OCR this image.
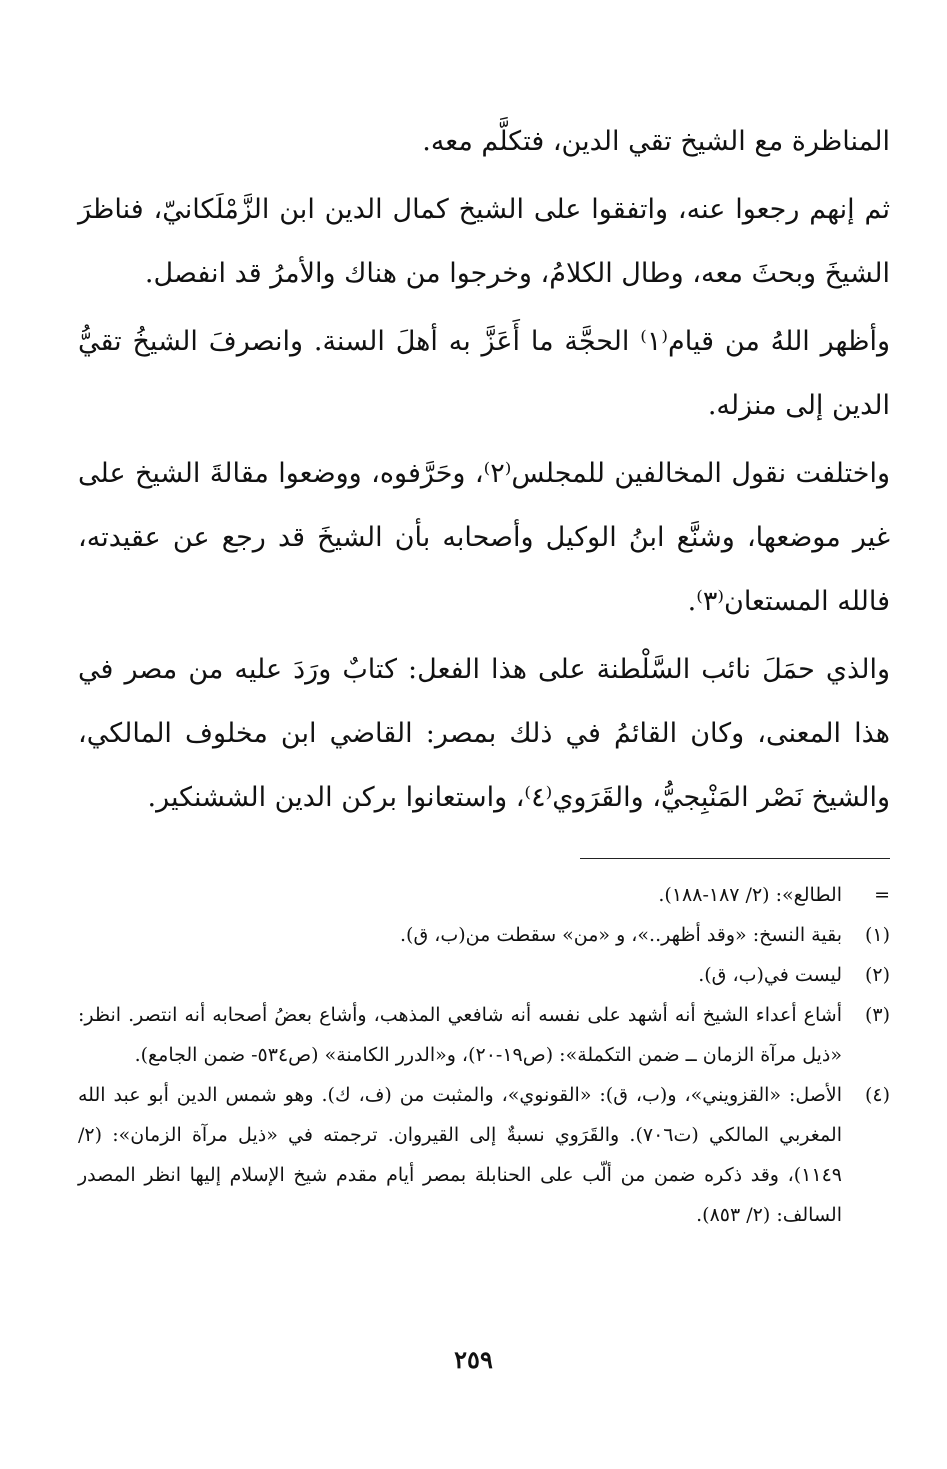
المناظرة مع الشيخ تقي الدين، فتكلَّم معه.

ثم إنهم رجعوا عنه، واتفقوا على الشيخ كمال الدين ابن الزَّمْلَكانيّ، فناظرَ الشيخَ وبحثَ معه، وطال الكلامُ، وخرجوا من هناك والأمرُ قد انفصل.

وأظهر اللهُ من قيام⁽١⁾ الحجَّة ما أَعَزَّ به أهلَ السنة. وانصرفَ الشيخُ تقيُّ الدين إلى منزله.

واختلفت نقول المخالفين للمجلس⁽٢⁾، وحَرَّفوه، ووضعوا مقالةَ الشيخ على غير موضعها، وشنَّع ابنُ الوكيل وأصحابه بأن الشيخَ قد رجع عن عقيدته، فالله المستعان⁽٣⁾.

والذي حمَلَ نائب السَّلْطنة على هذا الفعل: كتابٌ ورَدَ عليه من مصر في هذا المعنى، وكان القائمُ في ذلك بمصر: القاضي ابن مخلوف المالكي، والشيخ نَصْر المَنْبِجيُّ، والقَرَوي⁽٤⁾، واستعانوا بركن الدين الششنكير.

=
الطالع»: (٢/ ١٨٧-١٨٨).
(١)
بقية النسخ: «وقد أظهر..»، و «من» سقطت من(ب، ق).
(٢)
ليست في(ب، ق).
(٣)
أشاع أعداء الشيخ أنه أشهد على نفسه أنه شافعي المذهب، وأشاع بعضُ أصحابه أنه انتصر. انظر: «ذيل مرآة الزمان ــ ضمن التكملة»: (ص١٩-٢٠)، و«الدرر الكامنة» (ص٥٣٤- ضمن الجامع).
(٤)
الأصل: «القزويني»، و(ب، ق): «القونوي»، والمثبت من (ف، ك). وهو شمس الدين أبو عبد الله المغربي المالكي (ت٧٠٦). والقَرَوي نسبةٌ إلى القيروان. ترجمته في «ذيل مرآة الزمان»: (٢/ ١١٤٩)، وقد ذكره ضمن من ألّب على الحنابلة بمصر أيام مقدم شيخ الإسلام إليها انظر المصدر السالف: (٢/ ٨٥٣).
٢٥٩
